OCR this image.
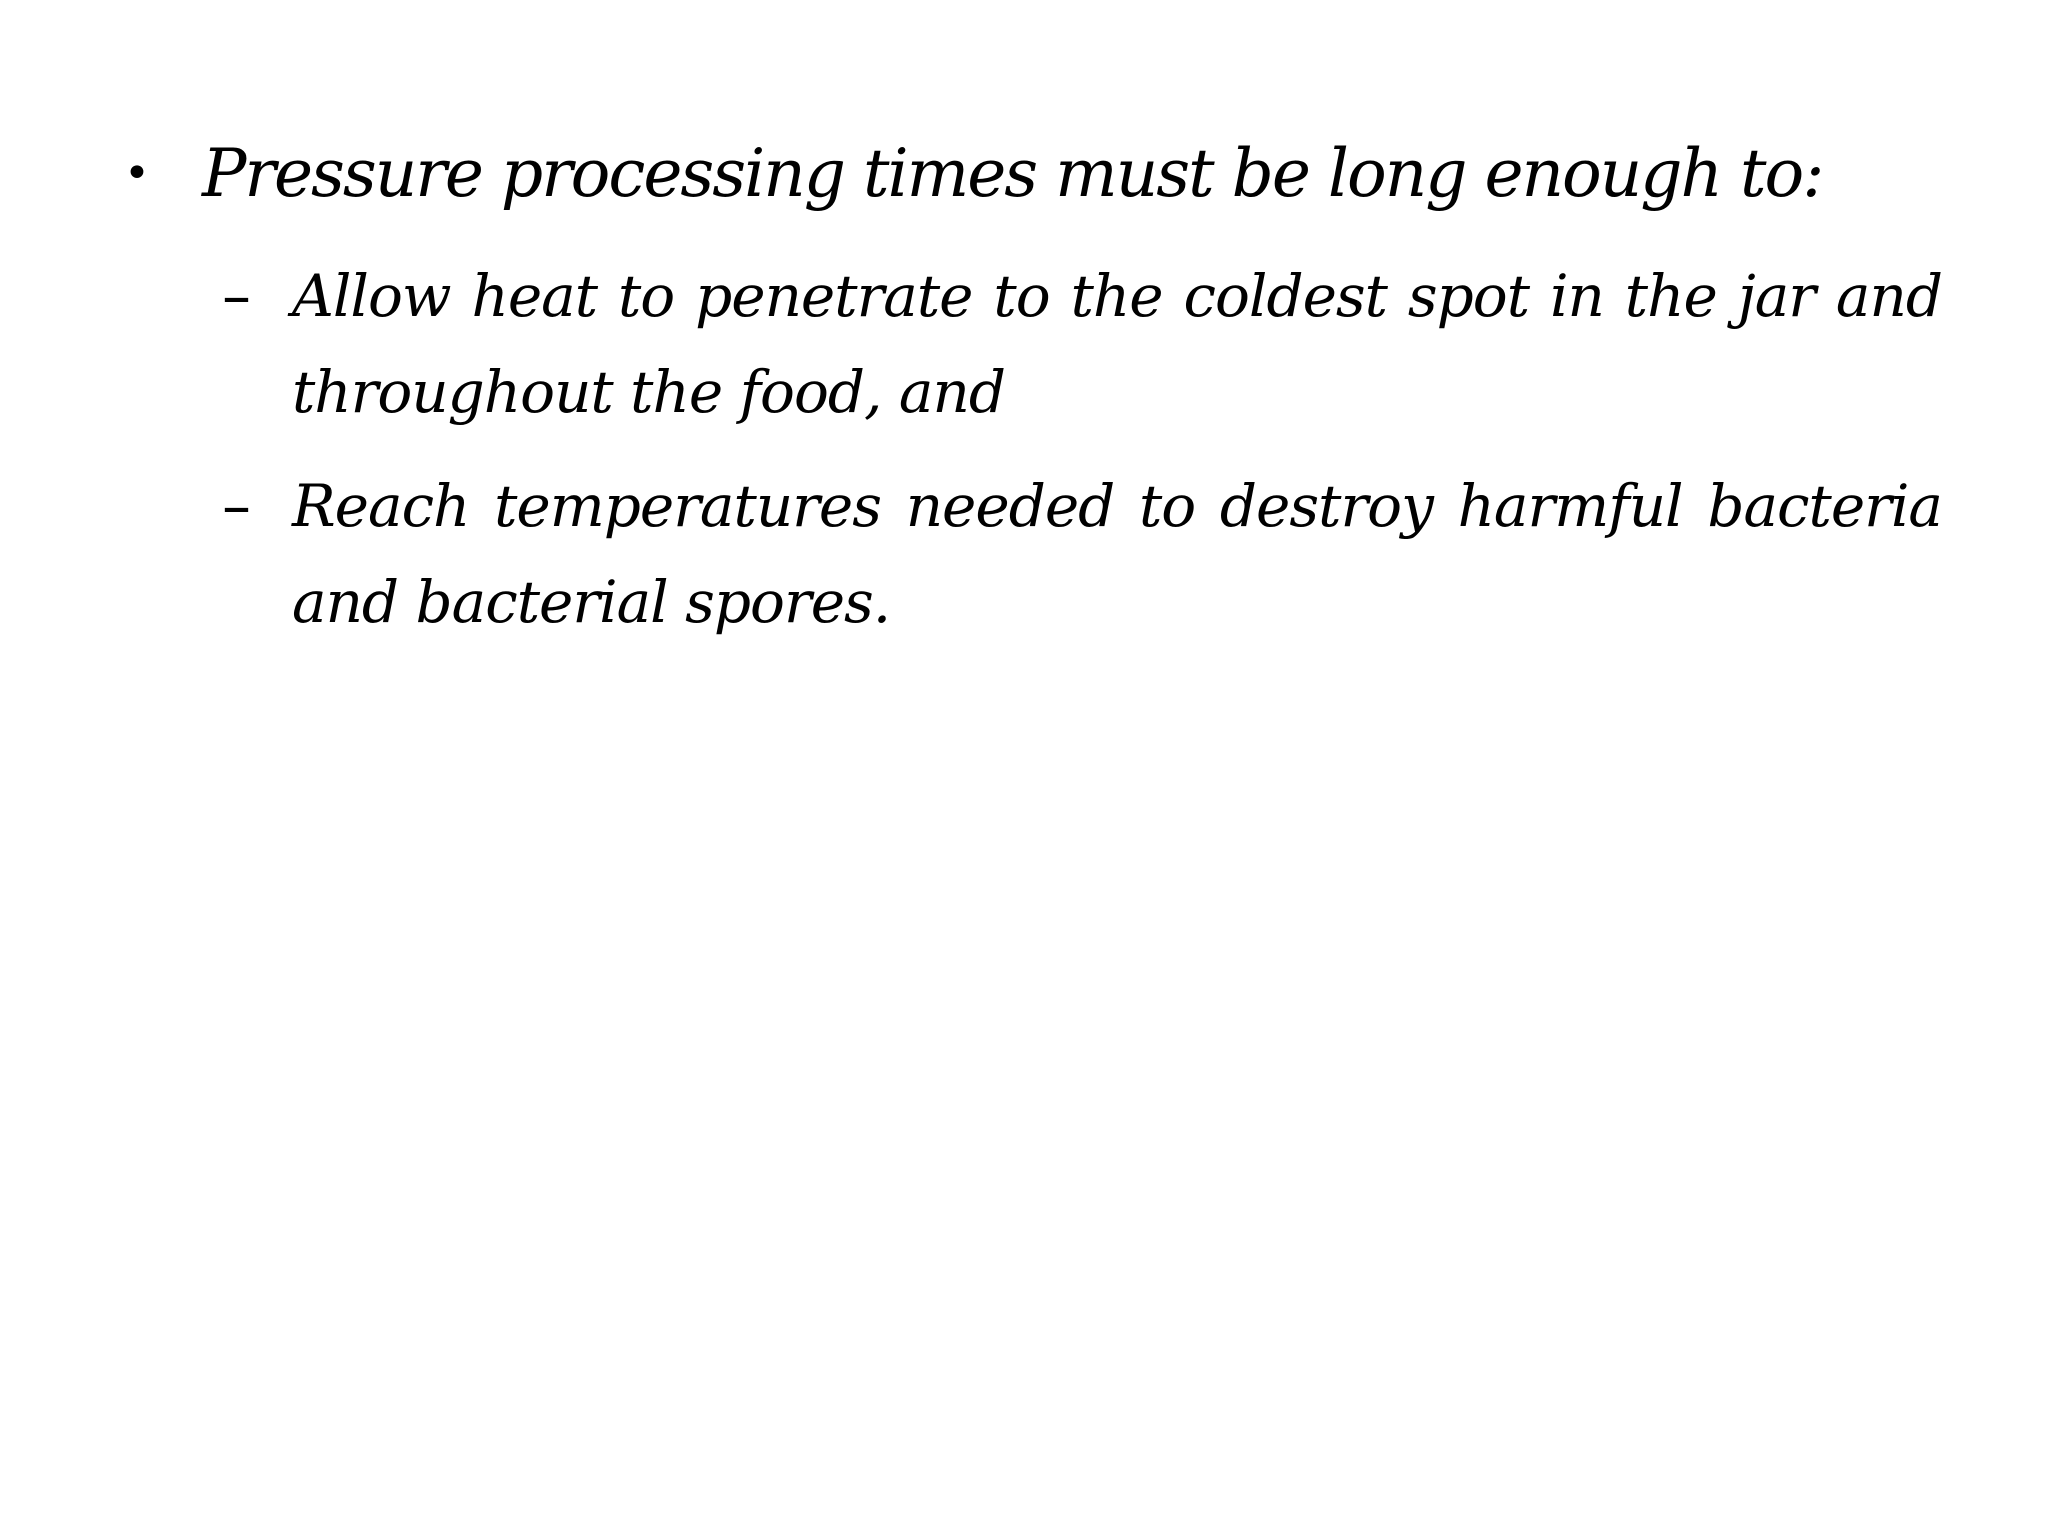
• Pressure processing times must be long enough to:
– Allow heat to penetrate to the coldest spot in the jar and throughout the food, and
– Reach temperatures needed to destroy harmful bacteria and bacterial spores.
